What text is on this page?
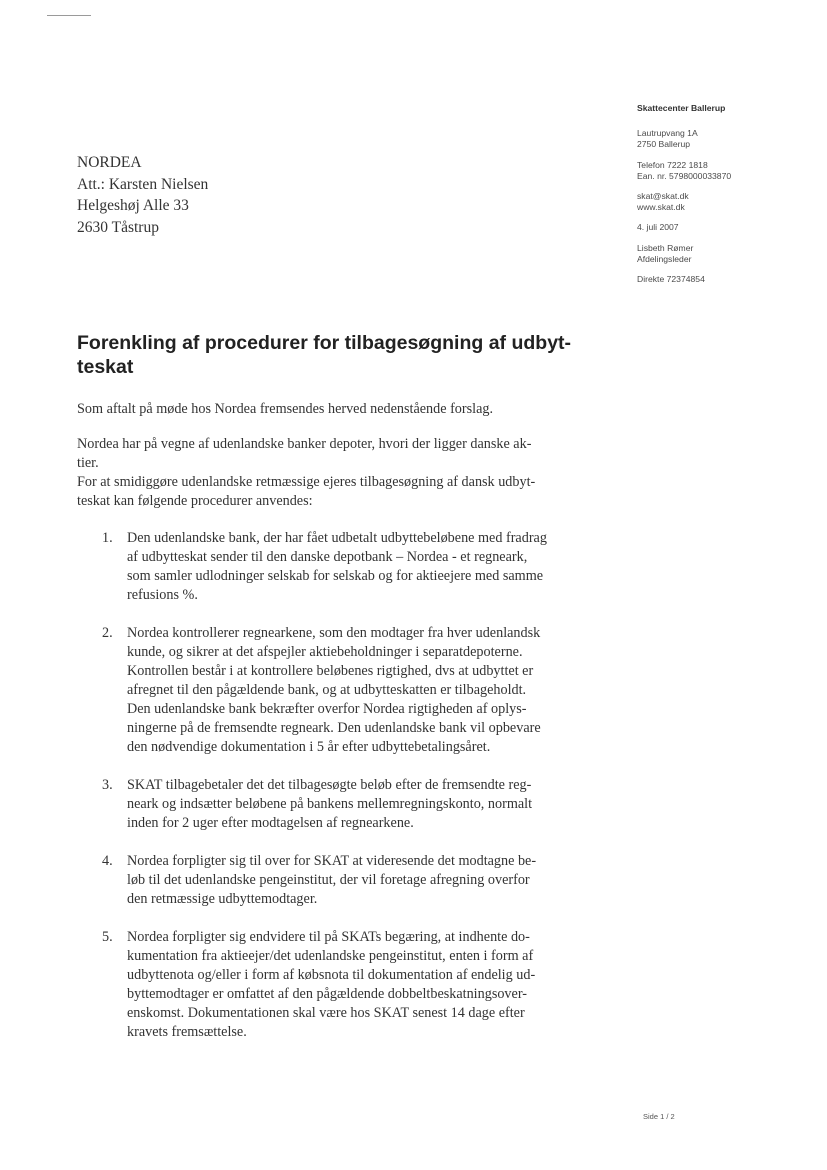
NORDEA
Att.: Karsten Nielsen
Helgeshøj Alle 33
2630 Tåstrup
Skattecenter Ballerup
Lautrupvang 1A
2750 Ballerup
Telefon 7222 1818
Ean. nr. 5798000033870
skat@skat.dk
www.skat.dk
4. juli 2007
Lisbeth Rømer
Afdelingsleder
Direkte 72374854
Forenkling af procedurer for tilbagesøgning af udbyt-
teskat

Som aftalt på møde hos Nordea fremsendes herved nedenstående forslag.

Nordea har på vegne af udenlandske banker depoter, hvori der ligger danske ak-
tier.
For at smidiggøre udenlandske retmæssige ejeres tilbagesøgning af dansk udbyt-
teskat kan følgende procedurer anvendes:
1. Den udenlandske bank, der har fået udbetalt udbyttebeløbene med fradrag
af udbytteskat sender til den danske depotbank – Nordea - et regneark,
som samler udlodninger selskab for selskab og for aktieejere med samme
refusions %.
2. Nordea kontrollerer regnearkene, som den modtager fra hver udenlandsk
kunde, og sikrer at det afspejler aktiebeholdninger i separatdepoterne.
Kontrollen består i at kontrollere beløbenes rigtighed, dvs at udbyttet er
afregnet til den pågældende bank, og at udbytteskatten er tilbageholdt.
Den udenlandske bank bekræfter overfor Nordea rigtigheden af oplys-
ningerne på de fremsendte regneark. Den udenlandske bank vil opbevare
den nødvendige dokumentation i 5 år efter udbyttebetalingsåret.
3. SKAT tilbagebetaler det det tilbagesøgte beløb efter de fremsendte reg-
neark og indsætter beløbene på bankens mellemregningskonto, normalt
inden for 2 uger efter modtagelsen af regnearkene.
4. Nordea forpligter sig til over for SKAT at videresende det modtagne be-
løb til det udenlandske pengeinstitut, der vil foretage afregning overfor
den retmæssige udbyttemodtager.
5. Nordea forpligter sig endvidere til på SKATs begæring, at indhente do-
kumentation fra aktieejer/det udenlandske pengeinstitut, enten i form af
udbyttenota og/eller i form af købsnota til dokumentation af endelig ud-
byttemodtager er omfattet af den pågældende dobbeltbeskatningsover-
enskomst. Dokumentationen skal være hos SKAT senest 14 dage efter
kravets fremsættelse.
Side 1 / 2
